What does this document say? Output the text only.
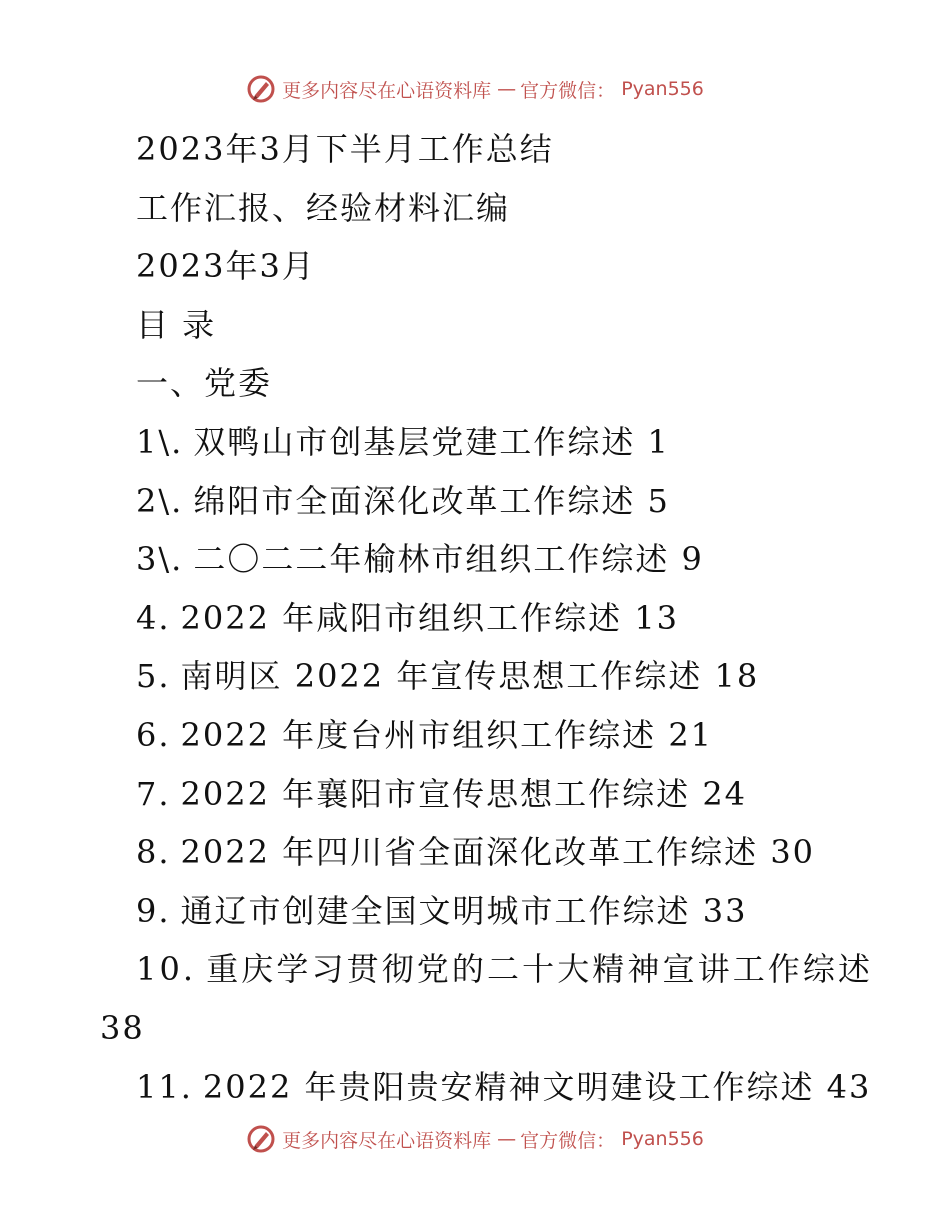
更多内容尽在心语资料库 — 官方微信： Pyan556
2023年3月下半月工作总结
工作汇报、经验材料汇编
2023年3月
目 录
一、党委
1\. 双鸭山市创基层党建工作综述 1
2\. 绵阳市全面深化改革工作综述 5
3\. 二〇二二年榆林市组织工作综述 9
4. 2022 年咸阳市组织工作综述 13
5. 南明区 2022 年宣传思想工作综述 18
6. 2022 年度台州市组织工作综述 21
7. 2022 年襄阳市宣传思想工作综述 24
8. 2022 年四川省全面深化改革工作综述 30
9. 通辽市创建全国文明城市工作综述 33
10. 重庆学习贯彻党的二十大精神宣讲工作综述
38
11. 2022 年贵阳贵安精神文明建设工作综述 43
更多内容尽在心语资料库 — 官方微信： Pyan556
